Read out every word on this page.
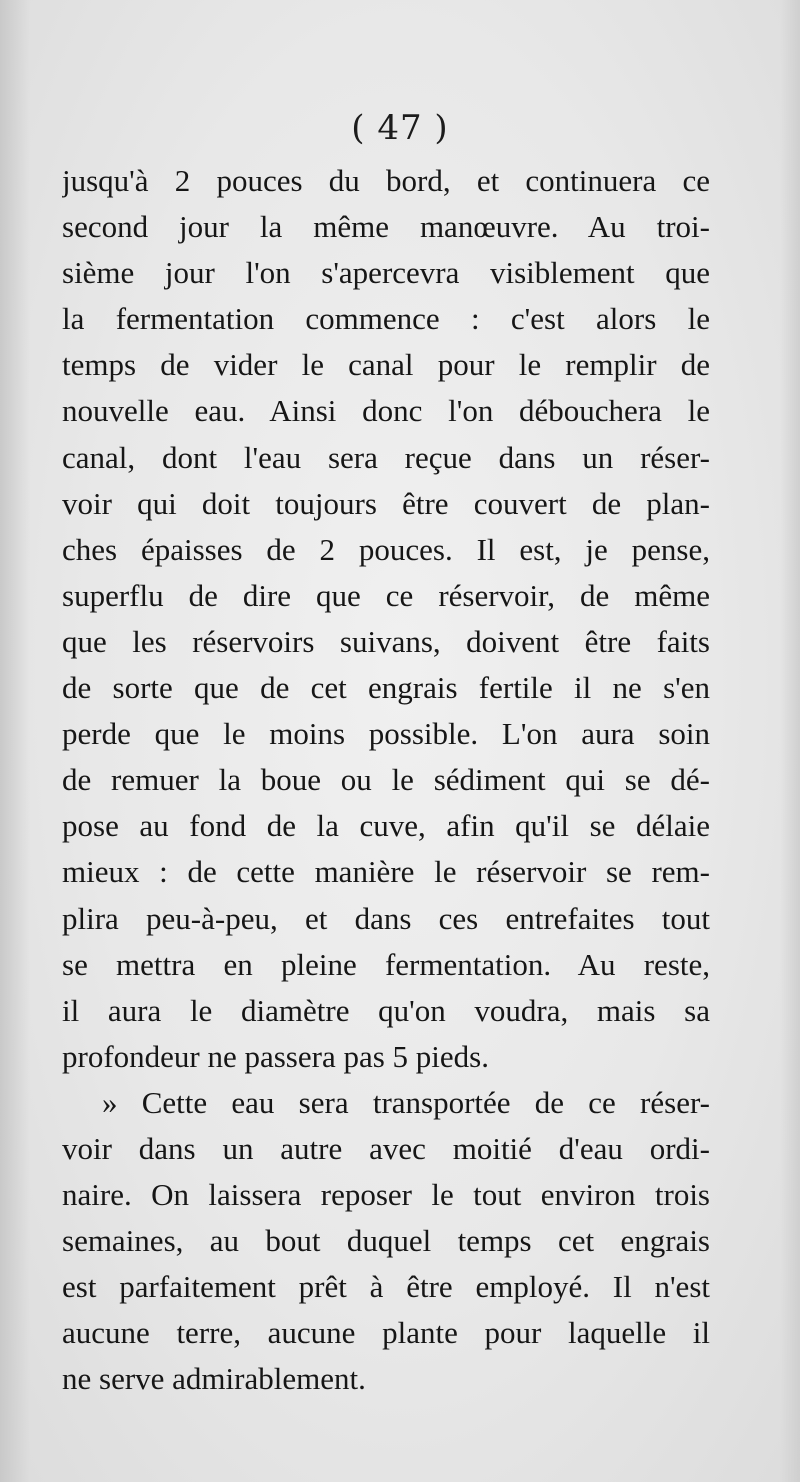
( 47 )
jusqu'à 2 pouces du bord, et continuera ce
second jour la même manœuvre. Au troi-
sième jour l'on s'apercevra visiblement que
la fermentation commence : c'est alors le
temps de vider le canal pour le remplir de
nouvelle eau. Ainsi donc l'on débouchera le
canal, dont l'eau sera reçue dans un réser-
voir qui doit toujours être couvert de plan-
ches épaisses de 2 pouces. Il est, je pense,
superflu de dire que ce réservoir, de même
que les réservoirs suivans, doivent être faits
de sorte que de cet engrais fertile il ne s'en
perde que le moins possible. L'on aura soin
de remuer la boue ou le sédiment qui se dé-
pose au fond de la cuve, afin qu'il se délaie
mieux : de cette manière le réservoir se rem-
plira peu-à-peu, et dans ces entrefaites tout
se mettra en pleine fermentation. Au reste,
il aura le diamètre qu'on voudra, mais sa
profondeur ne passera pas 5 pieds.
» Cette eau sera transportée de ce réser-
voir dans un autre avec moitié d'eau ordi-
naire. On laissera reposer le tout environ trois
semaines, au bout duquel temps cet engrais
est parfaitement prêt à être employé. Il n'est
aucune terre, aucune plante pour laquelle il
ne serve admirablement.
